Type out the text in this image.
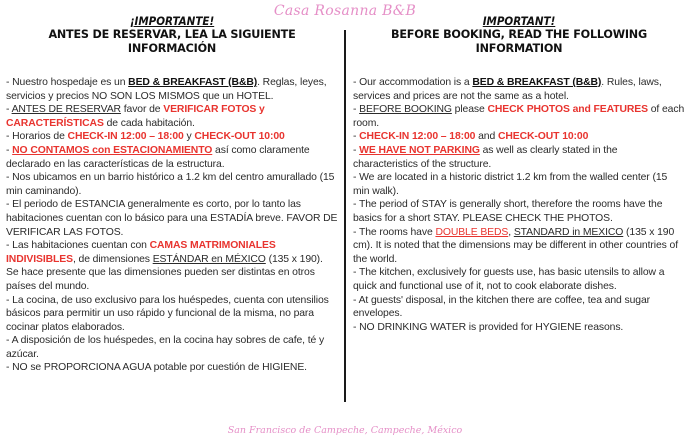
Casa Rosanna B&B
¡IMPORTANTE!
ANTES DE RESERVAR, LEA LA SIGUIENTE INFORMACIÓN

- Nuestro hospedaje es un BED & BREAKFAST (B&B). Reglas, leyes, servicios y precios NO SON LOS MISMOS que un HOTEL.

- ANTES DE RESERVAR favor de VERIFICAR FOTOS y CARACTERÍSTICAS de cada habitación.

- Horarios de CHECK-IN 12:00 – 18:00 y CHECK-OUT 10:00

- NO CONTAMOS con ESTACIONAMIENTO así como claramente declarado en las características de la estructura.

- Nos ubicamos en un barrio histórico a 1.2 km del centro amurallado (15 min caminando).

- El periodo de ESTANCIA generalmente es corto, por lo tanto las habitaciones cuentan con lo básico para una ESTADÍA breve. FAVOR DE VERIFICAR LAS FOTOS.

- Las habitaciones cuentan con CAMAS MATRIMONIALES INDIVISIBLES, de dimensiones ESTÁNDAR en MÉXICO (135 x 190). Se hace presente que las dimensiones pueden ser distintas en otros países del mundo.

- La cocina, de uso exclusivo para los huéspedes, cuenta con utensilios básicos para permitir un uso rápido y funcional de la misma, no para cocinar platos elaborados.

- A disposición de los huéspedes, en la cocina hay sobres de cafe, té y azúcar.

- NO se PROPORCIONA AGUA potable por cuestión de HIGIENE.

IMPORTANT!
BEFORE BOOKING, READ THE FOLLOWING INFORMATION

- Our accommodation is a BED & BREAKFAST (B&B). Rules, laws, services and prices are not the same as a hotel.

- BEFORE BOOKING please CHECK PHOTOS and FEATURES of each room.

- CHECK-IN 12:00 – 18:00 and CHECK-OUT 10:00

- WE HAVE NOT PARKING as well as clearly stated in the characteristics of the structure.

- We are located in a historic district 1.2 km from the walled center (15 min walk).

- The period of STAY is generally short, therefore the rooms have the basics for a short STAY. PLEASE CHECK THE PHOTOS.

- The rooms have DOUBLE BEDS, STANDARD in MEXICO (135 x 190 cm). It is noted that the dimensions may be different in other countries of the world.

- The kitchen, exclusively for guests use, has basic utensils to allow a quick and functional use of it, not to cook elaborate dishes.

- At guests' disposal, in the kitchen there are coffee, tea and sugar envelopes.

- NO DRINKING WATER is provided for HYGIENE reasons.

San Francisco de Campeche, Campeche, México
